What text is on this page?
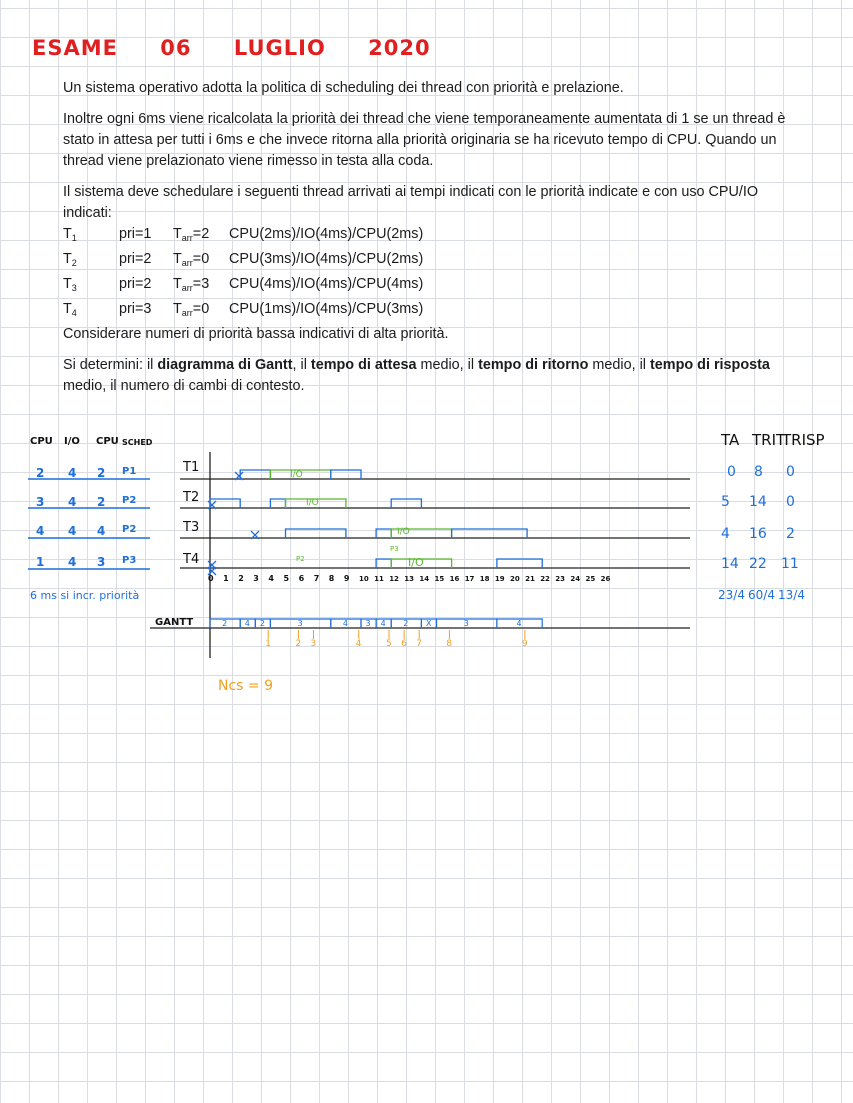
ESAME 06 LUGLIO 2020

Un sistema operativo adotta la politica di scheduling dei thread con priorità e prelazione.

Inoltre ogni 6ms viene ricalcolata la priorità dei thread che viene temporaneamente aumentata di 1 se un thread è stato in attesa per tutti i 6ms e che invece ritorna alla priorità originaria se ha ricevuto tempo di CPU. Quando un thread viene prelazionato viene rimesso in testa alla coda.

Il sistema deve schedulare i seguenti thread arrivati ai tempi indicati con le priorità indicate e con uso CPU/IO indicati:
$T_1$	pri=1	$T_{arr}=2$	CPU(2ms)/IO(4ms)/CPU(2ms)
$T_2$	pri=2	$T_{arr}=0$	CPU(3ms)/IO(4ms)/CPU(2ms)
$T_3$	pri=2	$T_{arr}=3$	CPU(4ms)/IO(4ms)/CPU(4ms)
$T_4$	pri=3	$T_{arr}=0$	CPU(1ms)/IO(4ms)/CPU(3ms)

Considerare numeri di priorità bassa indicativi di alta priorità.

Si determini: il diagramma di Gantt, il tempo di attesa medio, il tempo di ritorno medio, il tempo di risposta medio, il numero di cambi di contesto.

CPU I/O CPU SCHED
2 4 2 P1
3 4 2 P2
4 4 4 P2
1 4 3 P3
T1
T2
T3
T4
I/O
I/O
I/O
I/O
P2
P3
6 ms si incr. priorità
GANTT
Ncs = 9
TA TRIT
TRISP
0 8 0
5 14 0
4 16 2
14 22 11
23/4 60/4 13/4
0 1 2 3 4 5 6 7 8 9 10 11 12 13 14 15 16 17 18 19 20 21 22 23 24 25 26
2 4 2	3	4 3 4 2 X	3	4
1	2 3	4	5 6 7	8	9
